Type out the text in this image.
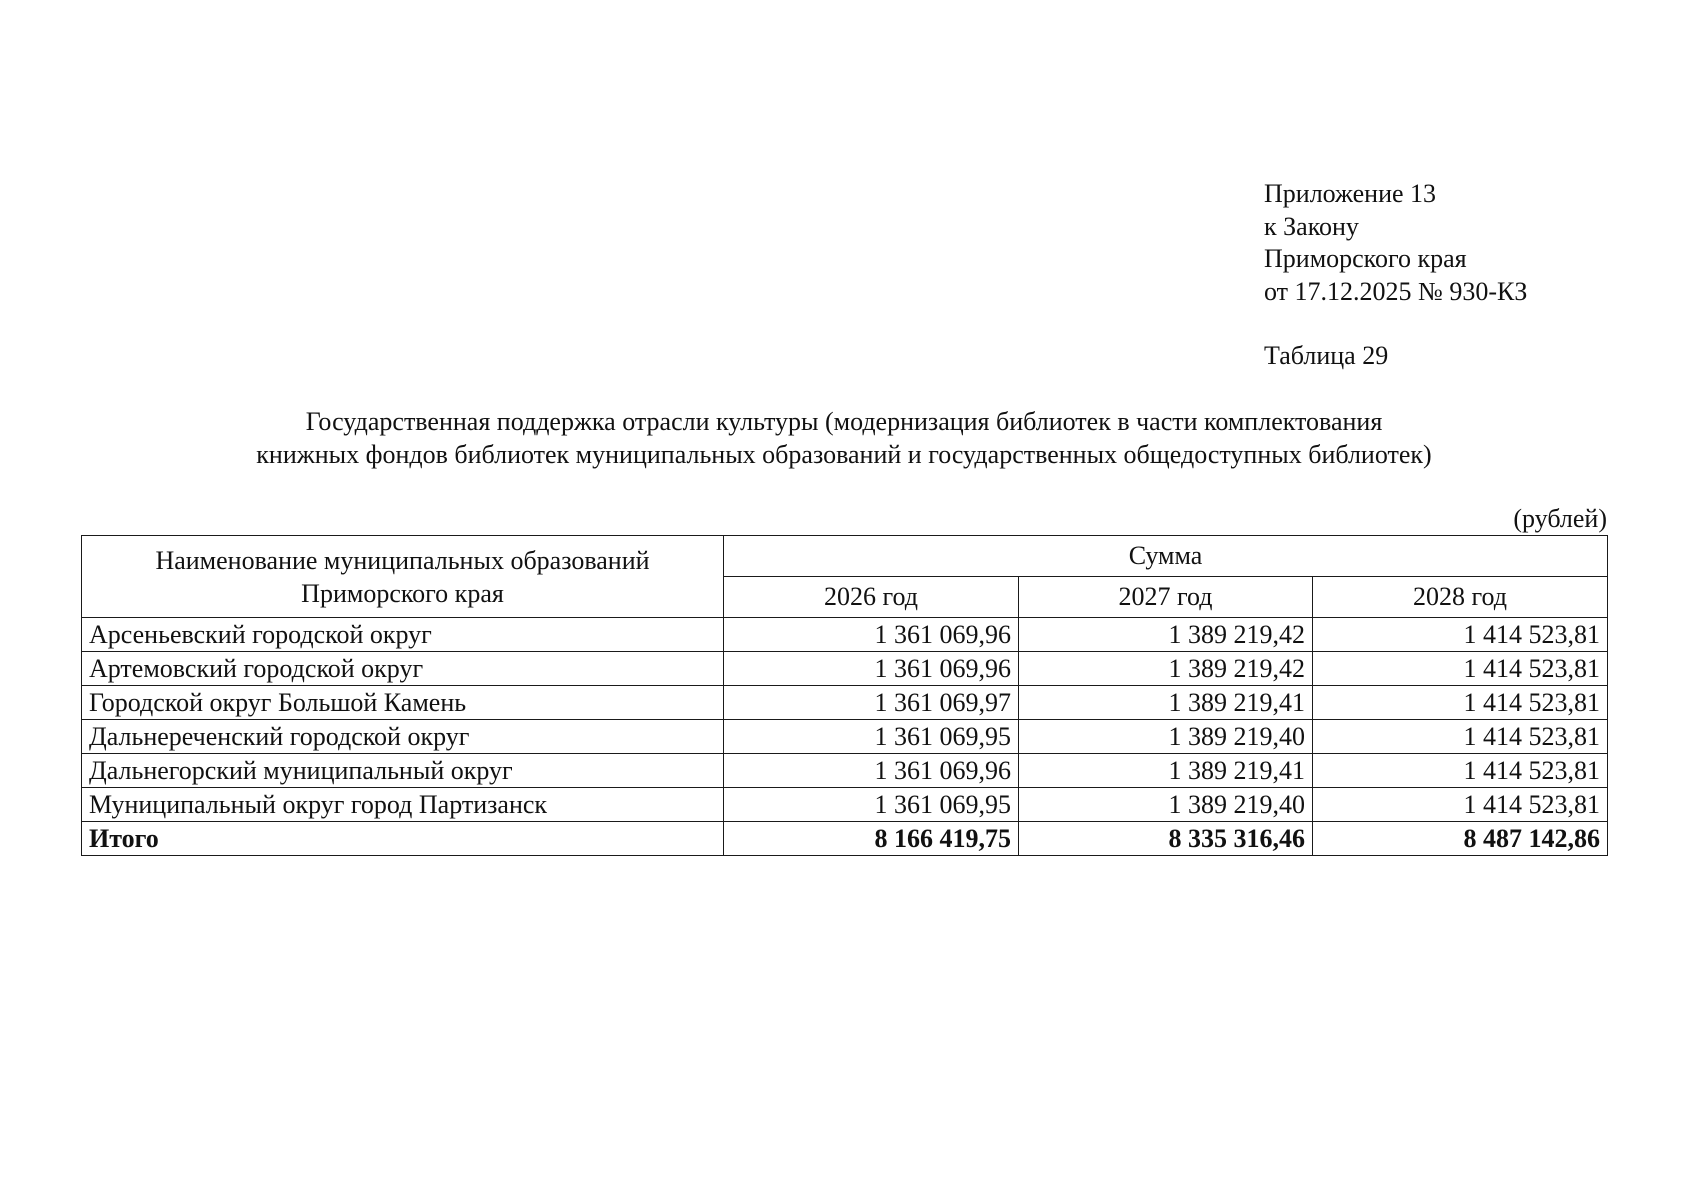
Приложение 13
к Закону
Приморского края
от 17.12.2025 № 930-КЗ
Таблица 29
Государственная поддержка отрасли культуры (модернизация библиотек в части комплектования
книжных фондов библиотек муниципальных образований и государственных общедоступных библиотек)
(рублей)
Наименование муниципальных образований
Приморского края	Сумма		
	2026 год	2027 год	2028 год
Арсеньевский городской округ	1 361 069,96	1 389 219,42	1 414 523,81
Артемовский городской округ	1 361 069,96	1 389 219,42	1 414 523,81
Городской округ Большой Камень	1 361 069,97	1 389 219,41	1 414 523,81
Дальнереченский городской округ	1 361 069,95	1 389 219,40	1 414 523,81
Дальнегорский муниципальный округ	1 361 069,96	1 389 219,41	1 414 523,81
Муниципальный округ город Партизанск	1 361 069,95	1 389 219,40	1 414 523,81
Итого	8 166 419,75	8 335 316,46	8 487 142,86
